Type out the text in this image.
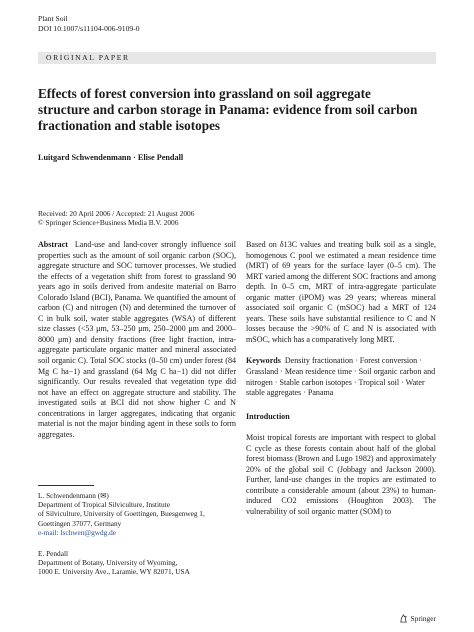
Plant Soil
DOI 10.1007/s11104-006-9109-0
ORIGINAL PAPER
Effects of forest conversion into grassland on soil aggregate structure and carbon storage in Panama: evidence from soil carbon fractionation and stable isotopes
Luitgard Schwendenmann · Elise Pendall
Received: 20 April 2006 / Accepted: 21 August 2006
© Springer Science+Business Media B.V. 2006

Abstract Land-use and land-cover strongly influence soil properties such as the amount of soil organic carbon (SOC), aggregate structure and SOC turnover processes. We studied the effects of a vegetation shift from forest to grassland 90 years ago in soils derived from andesite material on Barro Colorado Island (BCI), Panama. We quantified the amount of carbon (C) and nitrogen (N) and determined the turnover of C in bulk soil, water stable aggregates (WSA) of different size classes (<53 μm, 53–250 μm, 250–2000 μm and 2000–8000 μm) and density fractions (free light fraction, intra-aggregate particulate organic matter and mineral associated soil organic C). Total SOC stocks (0–50 cm) under forest (84 Mg C ha−1) and grassland (64 Mg C ha−1) did not differ significantly. Our results revealed that vegetation type did not have an effect on aggregate structure and stability. The investigated soils at BCI did not show higher C and N concentrations in larger aggregates, indicating that organic material is not the major binding agent in these soils to form aggregates.

Based on δ13C values and treating bulk soil as a single, homogenous C pool we estimated a mean residence time (MRT) of 69 years for the surface layer (0–5 cm). The MRT varied among the different SOC fractions and among depth. In 0–5 cm, MRT of intra-aggregate particulate organic matter (iPOM) was 29 years; whereas mineral associated soil organic C (mSOC) had a MRT of 124 years. These soils have substantial resilience to C and N losses because the >90% of C and N is associated with mSOC, which has a comparatively long MRT.

Keywords Density fractionation · Forest conversion · Grassland · Mean residence time · Soil organic carbon and nitrogen · Stable carbon isotopes · Tropical soil · Water stable aggregates · Panama

Introduction

Moist tropical forests are important with respect to global C cycle as these forests contain about half of the global forest biomass (Brown and Lugo 1982) and approximately 20% of the global soil C (Jobbagy and Jackson 2000). Further, land-use changes in the tropics are estimated to contribute a considerable amount (about 23%) to human-induced CO2 emissions (Houghton 2003). The vulnerability of soil organic matter (SOM) to

L. Schwendenmann (✉)
Department of Tropical Silviculture, Institute
of Silviculture, University of Goettingen, Buesgenweg 1,
Goettingen 37077, Germany
e-mail: lschwen@gwdg.de
E. Pendall
Department of Botany, University of Wyoming,
1000 E. University Ave., Laramie, WY 82071, USA
Springer
